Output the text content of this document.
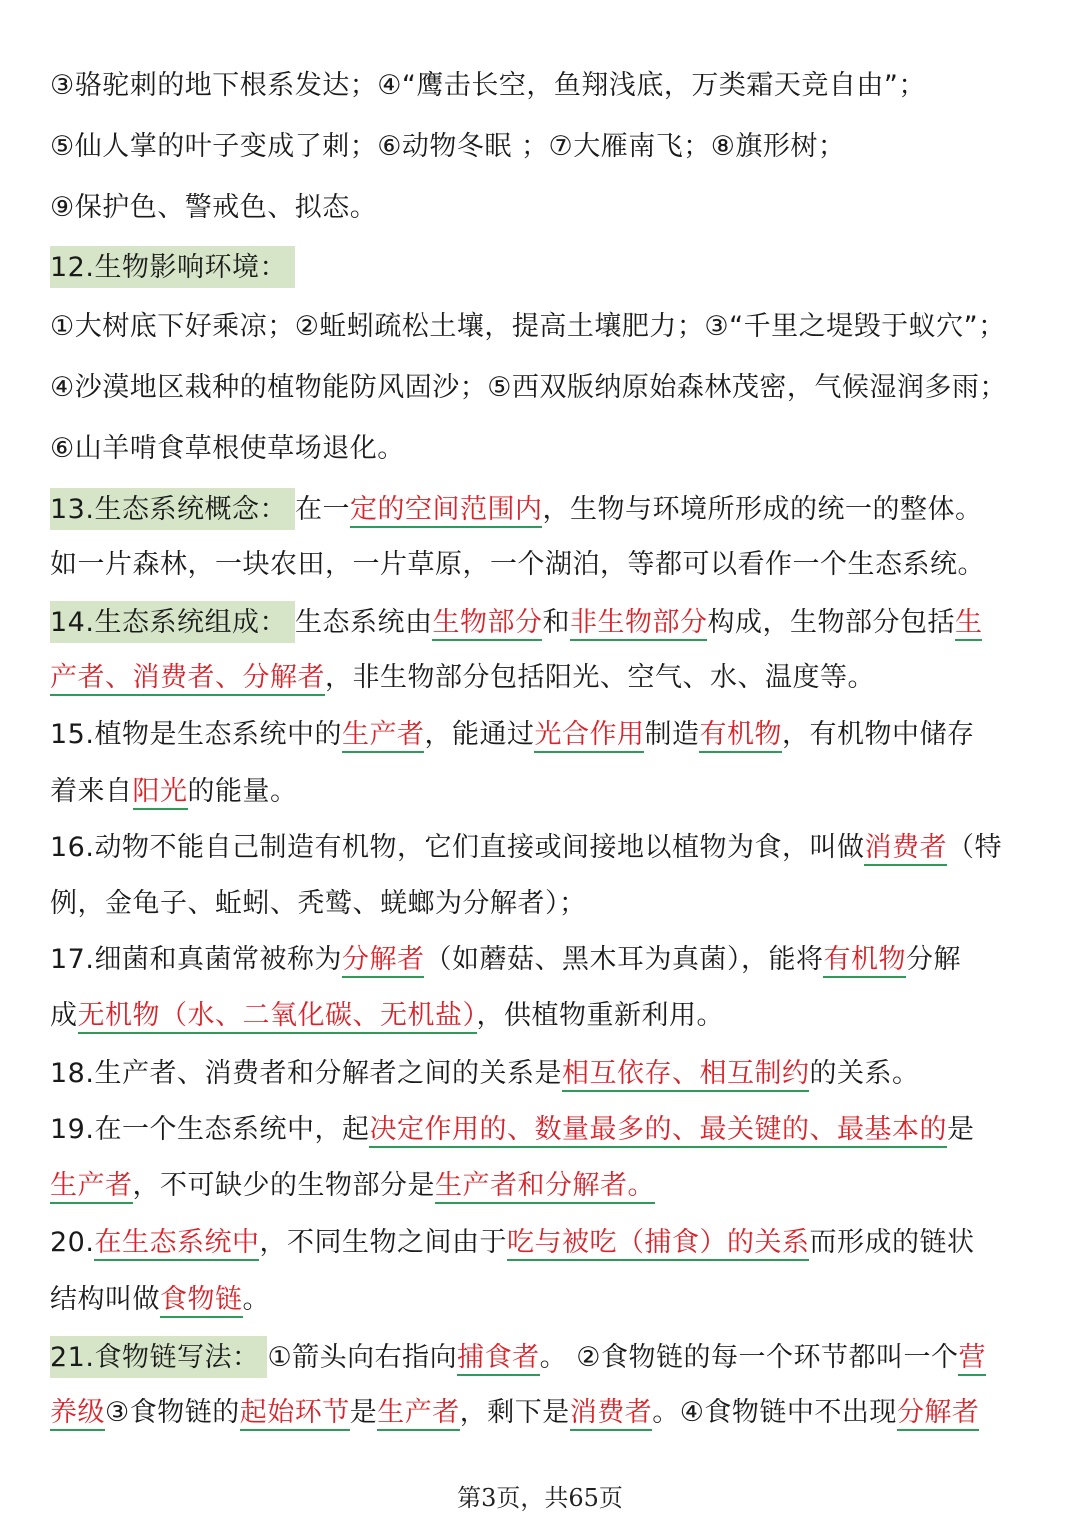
③骆驼刺的地下根系发达；④“鹰击长空，鱼翔浅底，万类霜天竞自由”；
⑤仙人掌的叶子变成了刺；⑥动物冬眠 ；⑦大雁南飞；⑧旗形树；
⑨保护色、警戒色、拟态。
12.生物影响环境：
①大树底下好乘凉；②蚯蚓疏松土壤，提高土壤肥力；③“千里之堤毁于蚁穴”；
④沙漠地区栽种的植物能防风固沙；⑤西双版纳原始森林茂密，气候湿润多雨；
⑥山羊啃食草根使草场退化。
13.生态系统概念： 在一定的空间范围内，生物与环境所形成的统一的整体。
如一片森林，一块农田，一片草原，一个湖泊，等都可以看作一个生态系统。
14.生态系统组成： 生态系统由生物部分和非生物部分构成，生物部分包括生
产者、消费者、分解者，非生物部分包括阳光、空气、水、温度等。
15.植物是生态系统中的生产者，能通过光合作用制造有机物，有机物中储存
着来自阳光的能量。
16.动物不能自己制造有机物，它们直接或间接地以植物为食，叫做消费者（特
例，金龟子、蚯蚓、秃鹫、蜣螂为分解者）；
17.细菌和真菌常被称为分解者（如蘑菇、黑木耳为真菌），能将有机物分解
成无机物（水、二氧化碳、无机盐），供植物重新利用。
18.生产者、消费者和分解者之间的关系是相互依存、相互制约的关系。
19.在一个生态系统中，起决定作用的、数量最多的、最关键的、最基本的是
生产者，不可缺少的生物部分是生产者和分解者。
20.在生态系统中，不同生物之间由于吃与被吃（捕食）的关系而形成的链状
结构叫做食物链。
21.食物链写法： ①箭头向右指向捕食者。 ②食物链的每一个环节都叫一个营
养级③食物链的起始环节是生产者，剩下是消费者。④食物链中不出现分解者
第3页，共65页
